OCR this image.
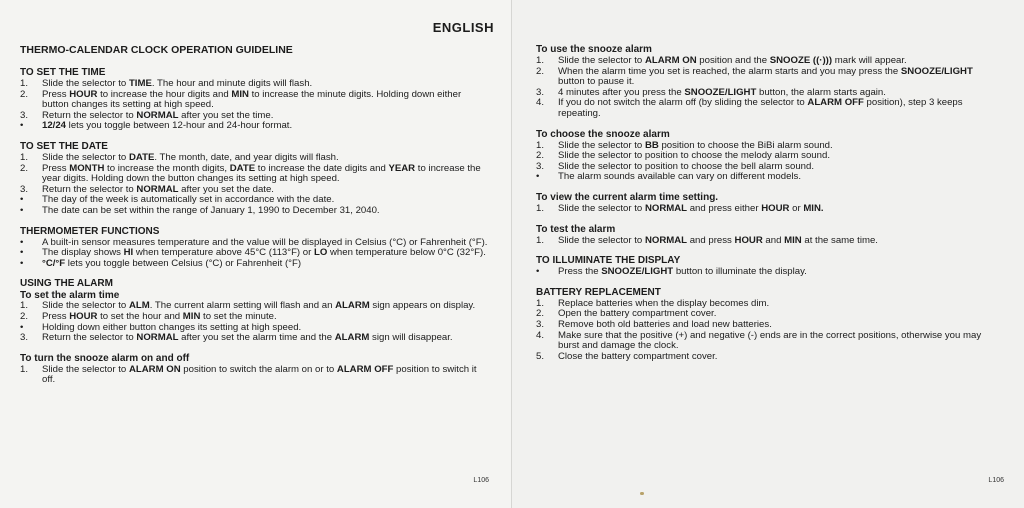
ENGLISH
THERMO-CALENDAR CLOCK OPERATION GUIDELINE
TO SET THE TIME
1.	Slide the selector to TIME. The hour and minute digits will flash.
2.	Press HOUR to increase the hour digits and MIN to increase the minute digits. Holding down either button changes its setting at high speed.
3.	Return the selector to NORMAL after you set the time.
•	12/24 lets you toggle between 12-hour and 24-hour format.
TO SET THE DATE
1.	Slide the selector to DATE. The month, date, and year digits will flash.
2.	Press MONTH to increase the month digits, DATE to increase the date digits and YEAR to increase the year digits. Holding down the button changes its setting at high speed.
3.	Return the selector to NORMAL after you set the date.
•	The day of the week is automatically set in accordance with the date.
•	The date can be set within the range of January 1, 1990 to December 31, 2040.
THERMOMETER FUNCTIONS
•	A built-in sensor measures temperature and the value will be displayed in Celsius (°C) or Fahrenheit (°F).
•	The display shows HI when temperature above 45°C (113°F) or LO when temperature below 0°C (32°F).
•	°C/°F lets you toggle between Celsius (°C) or Fahrenheit (°F)
USING THE ALARM
To set the alarm time
1.	Slide the selector to ALM. The current alarm setting will flash and an ALARM sign appears on display.
2.	Press HOUR to set the hour and MIN to set the minute.
•	Holding down either button changes its setting at high speed.
3.	Return the selector to NORMAL after you set the alarm time and the ALARM sign will disappear.
To turn the snooze alarm on and off
1.	Slide the selector to ALARM ON position to switch the alarm on or to ALARM OFF position to switch it off.
L106
To use the snooze alarm
1.	Slide the selector to ALARM ON position and the SNOOZE ((·))) mark will appear.
2.	When the alarm time you set is reached, the alarm starts and you may press the SNOOZE/LIGHT button to pause it.
3.	4 minutes after you press the SNOOZE/LIGHT button, the alarm starts again.
4.	If you do not switch the alarm off (by sliding the selector to ALARM OFF position), step 3 keeps repeating.
To choose the snooze alarm
1.	Slide the selector to BB position to choose the BiBi alarm sound.
2.	Slide the selector to position to choose the melody alarm sound.
3.	Slide the selector to position to choose the bell alarm sound.
•	The alarm sounds available can vary on different models.
To view the current alarm time setting.
1.	Slide the selector to NORMAL and press either HOUR or MIN.
To test the alarm
1.	Slide the selector to NORMAL and press HOUR and MIN at the same time.
TO ILLUMINATE THE DISPLAY
•	Press the SNOOZE/LIGHT button to illuminate the display.
BATTERY REPLACEMENT
1.	Replace batteries when the display becomes dim.
2.	Open the battery compartment cover.
3.	Remove both old batteries and load new batteries.
4.	Make sure that the positive (+) and negative (-) ends are in the correct positions, otherwise you may burst and damage the clock.
5.	Close the battery compartment cover.
L106
